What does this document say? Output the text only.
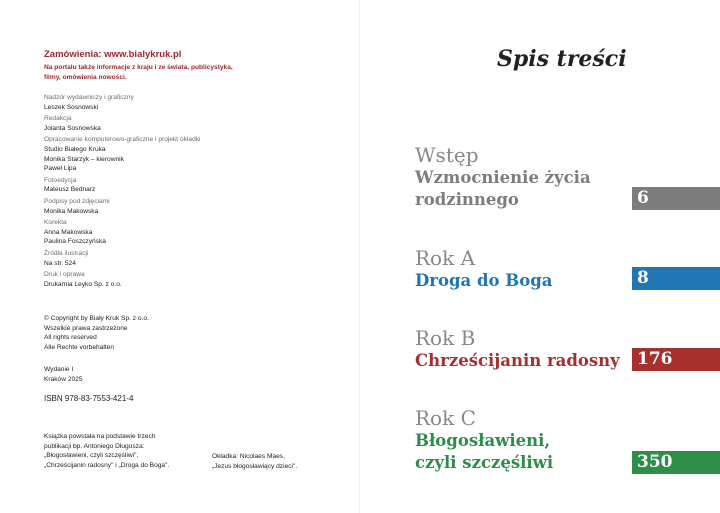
Zamówienia: www.bialykruk.pl

Na portalu także informacje z kraju i ze świata, publicystyka,

filmy, omówienia nowości.

Nadzór wydawniczy i graficzny
Leszek Sosnowski
Redakcja
Jolanta Sosnowska
Opracowanie komputerowo-graficzne i projekt okładki
Studio Białego Kruka
Monika Starzyk – kierownik
Paweł Lipa
Fotoedycja
Mateusz Bednarz
Podpisy pod zdjęciami
Monika Makowska
Korekta
Anna Makowska
Paulina Foszczyńska
Źródła ilustracji
Na str. 524
Druk i oprawa
Drukarnia Leyko Sp. z o.o.
© Copyright by Biały Kruk Sp. z o.o.
Wszelkie prawa zastrzeżone
All rights reserved
Alle Rechte vorbehalten
Wydanie I
Kraków 2025
ISBN 978-83-7553-421-4
Książka powstała na podstawie trzech
publikacji bp. Antoniego Długosza:
„Błogosławieni, czyli szczęśliwi",
„Chrześcijanin radosny" i „Droga do Boga".
Okładka: Nicolaes Maes,
„Jezus błogosławiący dzieci".
Spis treści
Wstęp
Wzmocnienie życia
rodzinnego	6
Rok A
Droga do Boga	8
Rok B
Chrześcijanin radosny	176
Rok C
Błogosławieni,
czyli szczęśliwi	350
